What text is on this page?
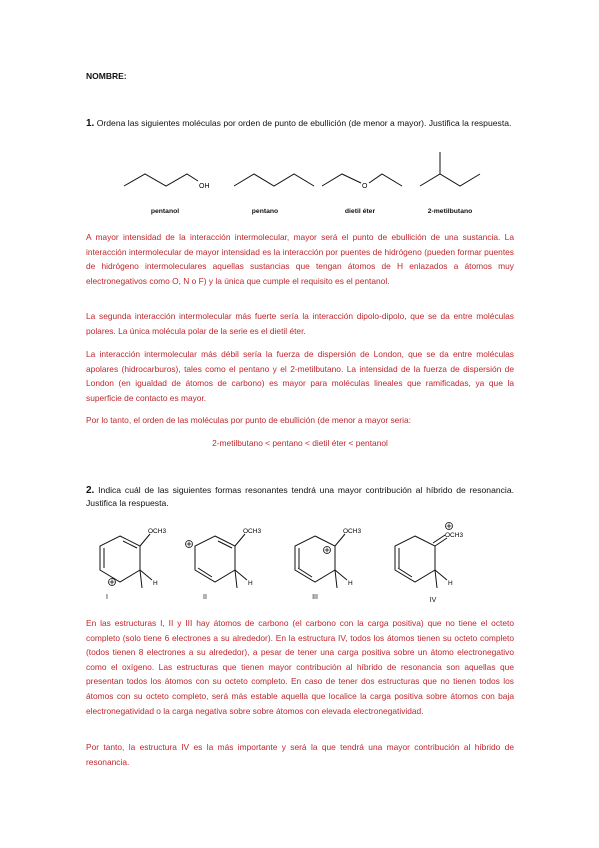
NOMBRE:
1. Ordena las siguientes moléculas por orden de punto de ebullición (de menor a mayor). Justifica la respuesta.
OH	O
pentanol	pentano	dietil éter	2-metilbutano
A mayor intensidad de la interacción intermolecular, mayor será el punto de ebullición de una sustancia. La interacción intermolecular de mayor intensidad es la interacción por puentes de hidrógeno (pueden formar puentes de hidrógeno intermoleculares aquellas sustancias que tengan átomos de H enlazados a átomos muy electronegativos como O, N o F) y la única que cumple el requisito es el pentanol.
La segunda interacción intermolecular más fuerte sería la interacción dipolo-dipolo, que se da entre moléculas polares. La única molécula polar de la serie es el dietil éter.
La interacción intermolecular más débil sería la fuerza de dispersión de London, que se da entre moléculas apolares (hidrocarburos), tales como el pentano y el 2-metilbutano. La intensidad de la fuerza de dispersión de London (en igualdad de átomos de carbono) es mayor para moléculas lineales que ramificadas, ya que la superficie de contacto es mayor.
Por lo tanto, el orden de las moléculas por punto de ebullición (de menor a mayor seria:
2-metilbutano < pentano < dietil éter < pentanol
2. Indica cuál de las siguientes formas resonantes tendrá una mayor contribución al híbrido de resonancia. Justifica la respuesta.
OCH3
H
OCH3
H
OCH3
H
OCH3
H
I	II	III	IV
En las estructuras I, II y III hay átomos de carbono (el carbono con la carga positiva) que no tiene el octeto completo (solo tiene 6 electrones a su alrededor). En la estructura IV, todos los átomos tienen su octeto completo (todos tienen 8 electrones a su alrededor), a pesar de tener una carga positiva sobre un átomo electronegativo como el oxígeno. Las estructuras que tienen mayor contribución al híbrido de resonancia son aquellas que presentan todos los átomos con su octeto completo. En caso de tener dos estructuras que no tienen todos los átomos con su octeto completo, será más estable aquella que localice la carga positiva sobre átomos con baja electronegatividad o la carga negativa sobre sobre átomos con elevada electronegatividad.
Por tanto, la estructura IV es la más importante y será la que tendrá una mayor contribución al híbrido de resonancia.
